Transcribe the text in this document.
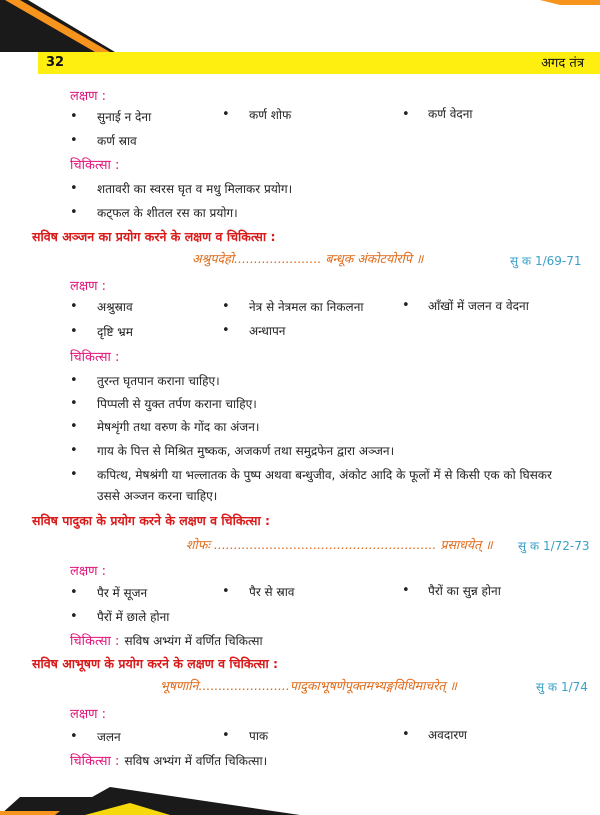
32	अगद तंत्र
लक्षण :
• सुनाई न देना	• कर्ण शोफ	• कर्ण वेदना
• कर्ण स्राव
चिकित्सा :
• शतावरी का स्वरस घृत व मधु मिलाकर प्रयोग।
• कट्फल के शीतल रस का प्रयोग।
सविष अञ्जन का प्रयोग करने के लक्षण व चिकित्सा :
अश्रुपदेहो...................... बन्धूक अंकोटयोरपि ॥	सु क 1/69-71
लक्षण :
• अश्रुस्राव	• नेत्र से नेत्रमल का निकलना	• आँखों में जलन व वेदना
• दृष्टि भ्रम	• अन्धापन
चिकित्सा :
• तुरन्त घृतपान कराना चाहिए।
• पिप्पली से युक्त तर्पण कराना चाहिए।
• मेषशृंगी तथा वरुण के गोंद का अंजन।
• गाय के पित्त से मिश्रित मुष्कक, अजकर्ण तथा समुद्रफेन द्वारा अञ्जन।
• कपित्थ, मेषश्रंगी या भल्लातक के पुष्प अथवा बन्धुजीव, अंकोट आदि के फूलों में से किसी एक को घिसकर
उससे अञ्जन करना चाहिए।
सविष पादुका के प्रयोग करने के लक्षण व चिकित्सा :
शोफः ........................................................ प्रसाधयेत् ॥ सु क 1/72-73
लक्षण :
• पैर में सूजन	• पैर से स्राव	• पैरों का सुन्न होना
• पैरों में छाले होना
चिकित्सा : सविष अभ्यंग में वर्णित चिकित्सा
सविष आभूषण के प्रयोग करने के लक्षण व चिकित्सा :
भूषणानि.......................पादुकाभूषणेपूक्तमभ्यङ्गविधिमाचरेत् ॥	सु क 1/74
लक्षण :
• जलन	• पाक	• अवदारण
चिकित्सा : सविष अभ्यंग में वर्णित चिकित्सा।
